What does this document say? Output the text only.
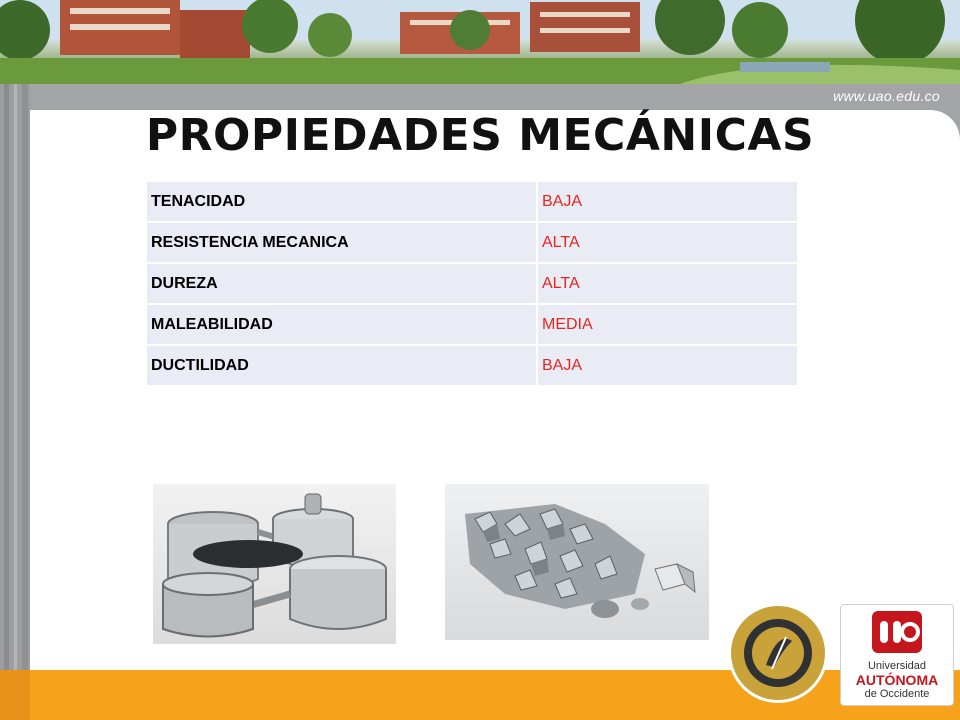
www.uao.edu.co
PROPIEDADES MECÁNICAS
TENACIDAD	BAJA
RESISTENCIA MECANICA	ALTA
DUREZA	ALTA
MALEABILIDAD	MEDIA
DUCTILIDAD	BAJA
Universidad
AUTÓNOMA
de Occidente
